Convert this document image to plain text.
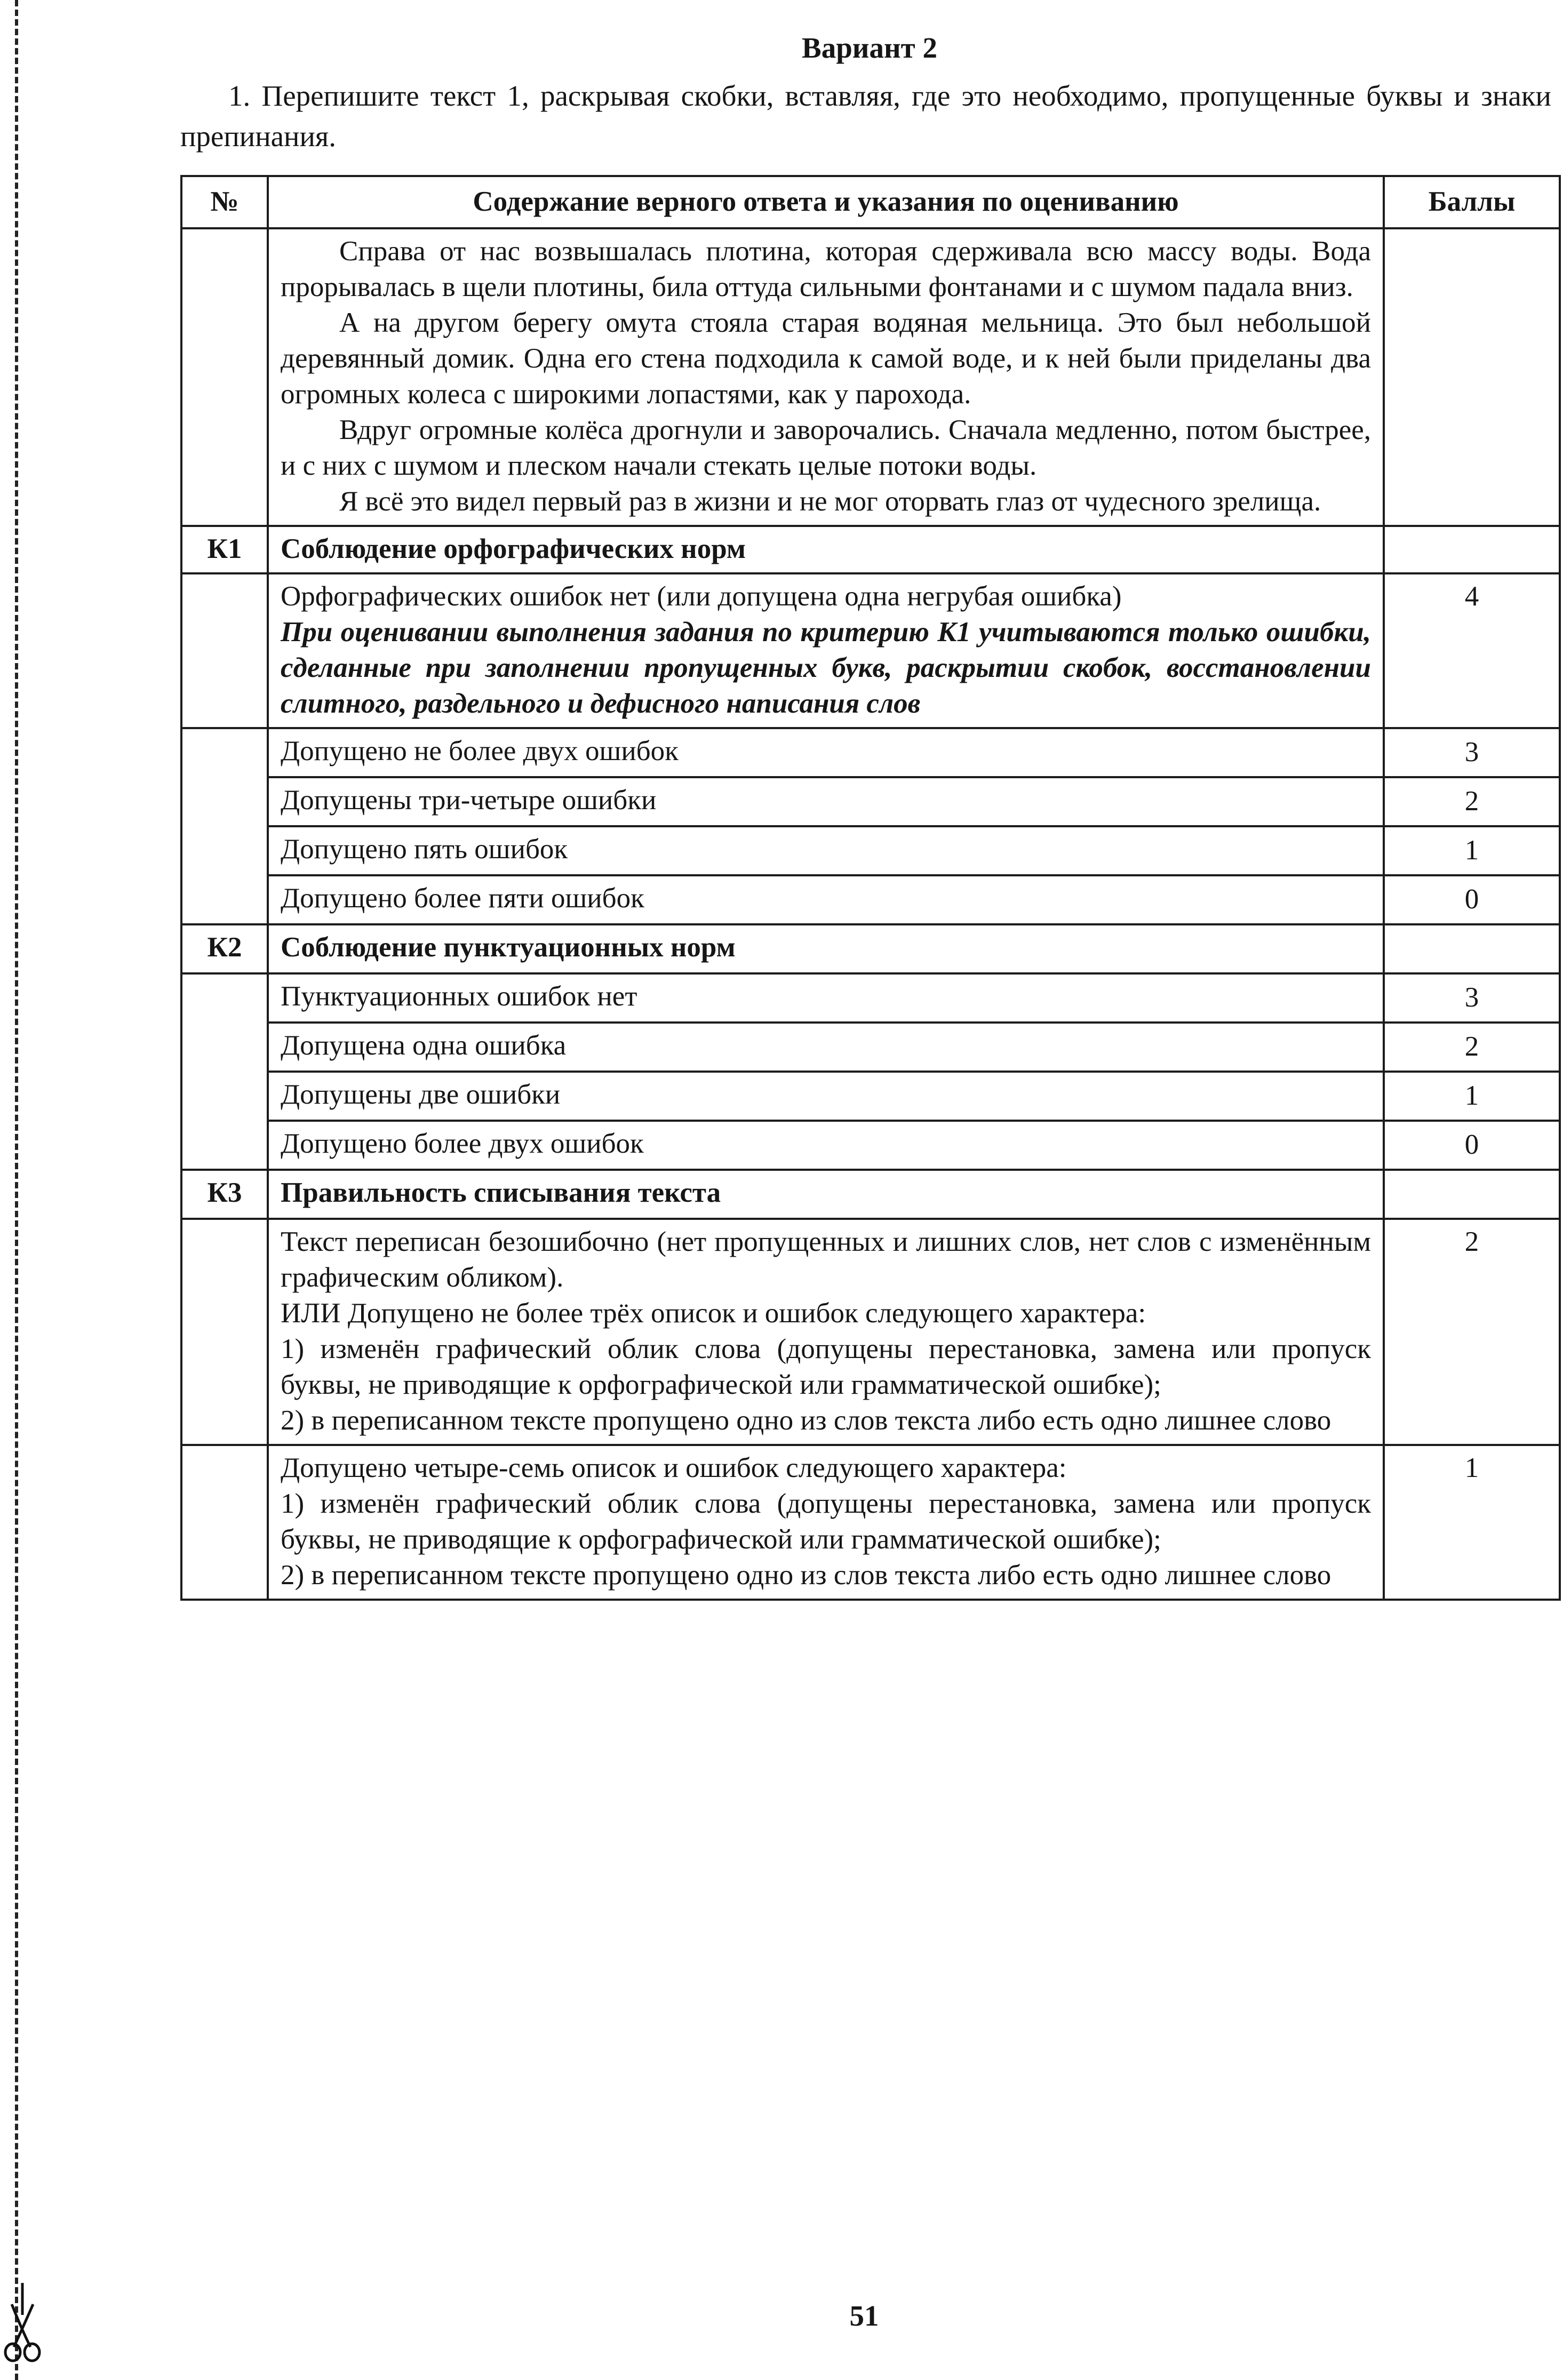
Вариант 2

1. Перепишите текст 1, раскрывая скобки, вставляя, где это необходимо, пропущенные буквы и знаки препинания.

№	Содержание верного ответа и указания по оцениванию	Баллы

	Справа от нас возвышалась плотина, которая сдерживала всю массу воды. Вода прорывалась в щели плотины, била оттуда сильными фонтанами и с шумом падала вниз.

А на другом берегу омута стояла старая водяная мельница. Это был небольшой деревянный домик. Одна его стена подходила к самой воде, и к ней были приделаны два огромных колеса с широкими лопастями, как у парохода.

Вдруг огромные колёса дрогнули и заворочались. Сначала медленно, потом быстрее, и с них с шумом и плеском начали стекать целые потоки воды.

Я всё это видел первый раз в жизни и не мог оторвать глаз от чудесного зрелища.	

К1	Соблюдение орфографических норм	

	Орфографических ошибок нет (или допущена одна негрубая ошибка)
При оценивании выполнения задания по критерию К1 учитываются только ошибки, сделанные при заполнении пропущенных букв, раскрытии скобок, восстановлении слитного, раздельного и дефисного написания слов	4
	Допущено не более двух ошибок	3
	Допущены три-четыре ошибки	2
	Допущено пять ошибок	1
	Допущено более пяти ошибок	0
К2	Соблюдение пунктуационных норм	
	Пунктуационных ошибок нет	3
	Допущена одна ошибка	2
	Допущены две ошибки	1
	Допущено более двух ошибок	0
К3	Правильность списывания текста	

	Текст переписан безошибочно (нет пропущенных и лишних слов, нет слов с изменённым графическим обликом).
ИЛИ Допущено не более трёх описок и ошибок следующего характера:
1) изменён графический облик слова (допущены перестановка, замена или пропуск буквы, не приводящие к орфографической или грамматической ошибке);
2) в переписанном тексте пропущено одно из слов текста либо есть одно лишнее слово	2

	Допущено четыре-семь описок и ошибок следующего характера:
1) изменён графический облик слова (допущены перестановка, замена или пропуск буквы, не приводящие к орфографической или грамматической ошибке);
2) в переписанном тексте пропущено одно из слов текста либо есть одно лишнее слово	1
51
